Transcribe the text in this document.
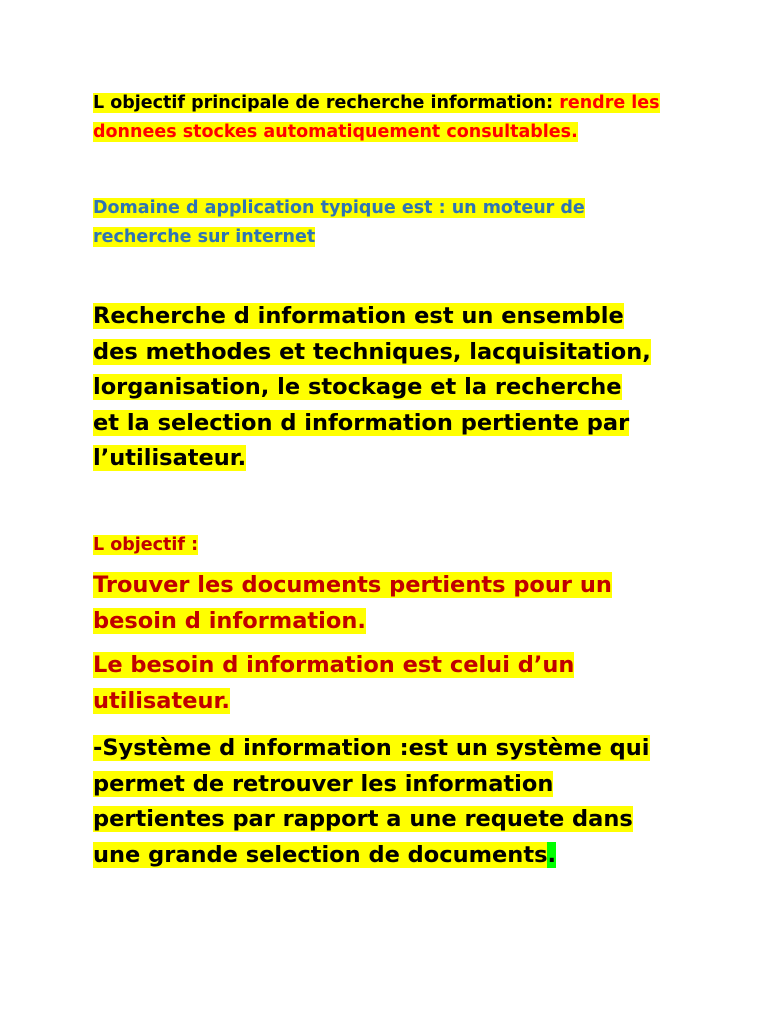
L objectif principale de recherche information: rendre les donnees stockes automatiquement consultables.

Domaine d application typique est : un moteur de recherche sur internet

Recherche d information est un ensemble des methodes et techniques, lacquisitation, lorganisation, le stockage et la recherche et la selection d information pertiente par l’utilisateur.

L objectif :

Trouver les documents pertients pour un besoin d information.

Le besoin d information est celui d’un utilisateur.

-Système d information :est un système qui permet de retrouver les information pertientes par rapport a une requete dans une grande selection de documents.
